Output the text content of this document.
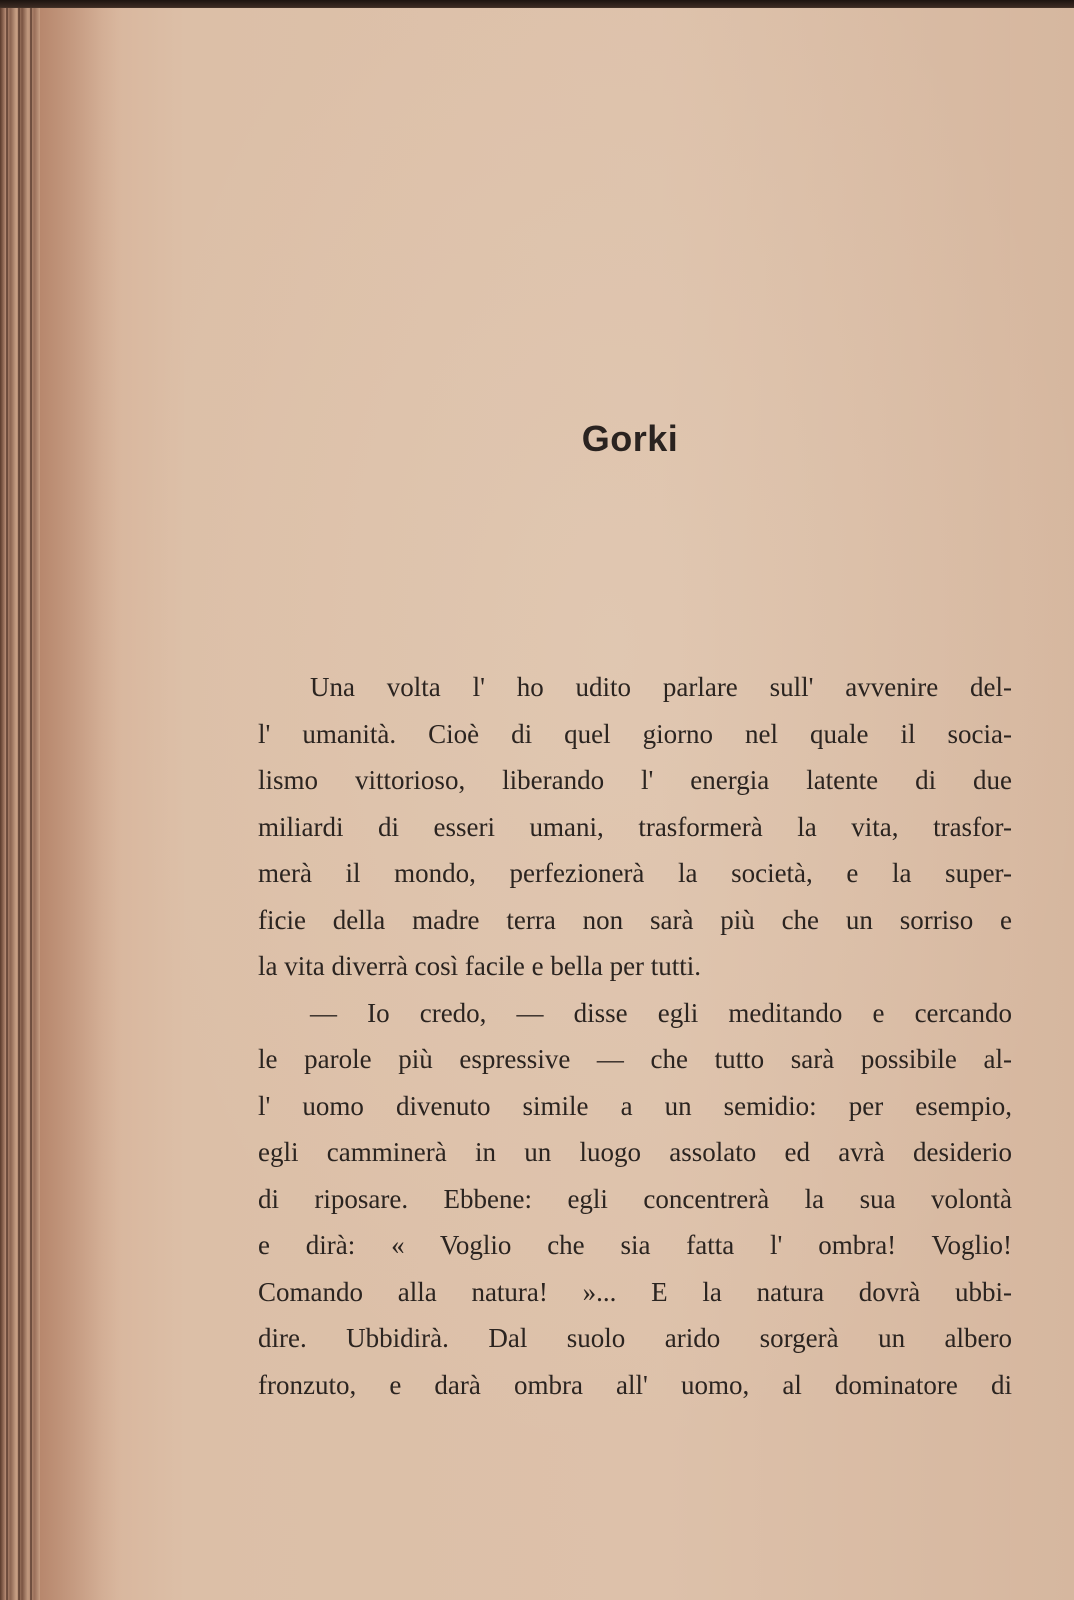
Gorki
Una volta l' ho udito parlare sull' avvenire del-
l' umanità. Cioè di quel giorno nel quale il socia-
lismo vittorioso, liberando l' energia latente di due
miliardi di esseri umani, trasformerà la vita, trasfor-
merà il mondo, perfezionerà la società, e la super-
ficie della madre terra non sarà più che un sorriso e
la vita diverrà così facile e bella per tutti.
— Io credo, — disse egli meditando e cercando
le parole più espressive — che tutto sarà possibile al-
l' uomo divenuto simile a un semidio: per esempio,
egli camminerà in un luogo assolato ed avrà desiderio
di riposare. Ebbene: egli concentrerà la sua volontà
e dirà: « Voglio che sia fatta l' ombra! Voglio!
Comando alla natura! »... E la natura dovrà ubbi-
dire. Ubbidirà. Dal suolo arido sorgerà un albero
fronzuto, e darà ombra all' uomo, al dominatore di
